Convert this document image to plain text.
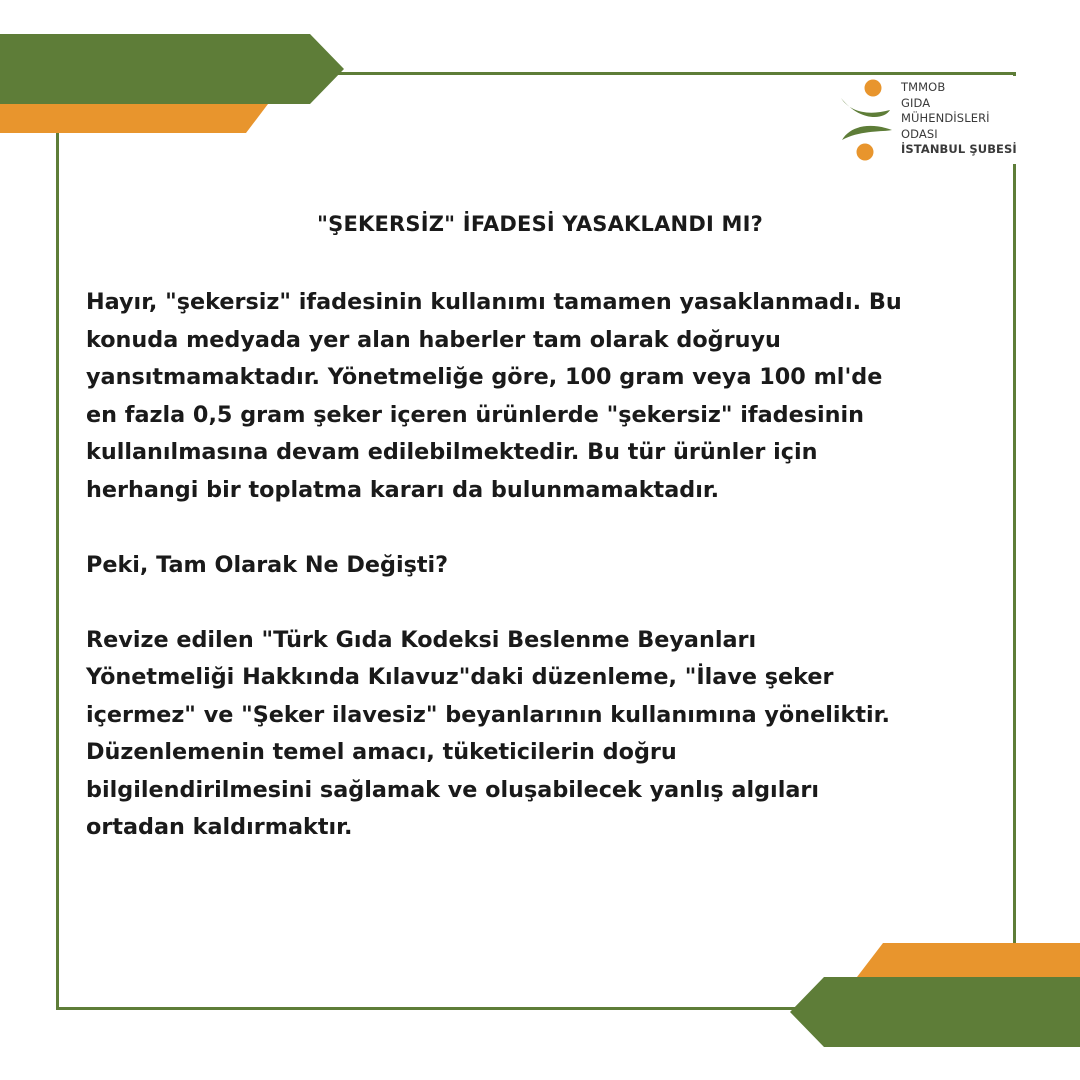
TMMOB
GIDA
MÜHENDİSLERİ
ODASI
İSTANBUL ŞUBESİ
"ŞEKERSİZ" İFADESİ YASAKLANDI MI?

Hayır, "şekersiz" ifadesinin kullanımı tamamen yasaklanmadı. Bu
konuda medyada yer alan haberler tam olarak doğruyu
yansıtmamaktadır. Yönetmeliğe göre, 100 gram veya 100 ml'de
en fazla 0,5 gram şeker içeren ürünlerde "şekersiz" ifadesinin
kullanılmasına devam edilebilmektedir. Bu tür ürünler için
herhangi bir toplatma kararı da bulunmamaktadır.

Peki, Tam Olarak Ne Değişti?

Revize edilen "Türk Gıda Kodeksi Beslenme Beyanları
Yönetmeliği Hakkında Kılavuz"daki düzenleme, "İlave şeker
içermez" ve "Şeker ilavesiz" beyanlarının kullanımına yöneliktir.
Düzenlemenin temel amacı, tüketicilerin doğru
bilgilendirilmesini sağlamak ve oluşabilecek yanlış algıları
ortadan kaldırmaktır.
